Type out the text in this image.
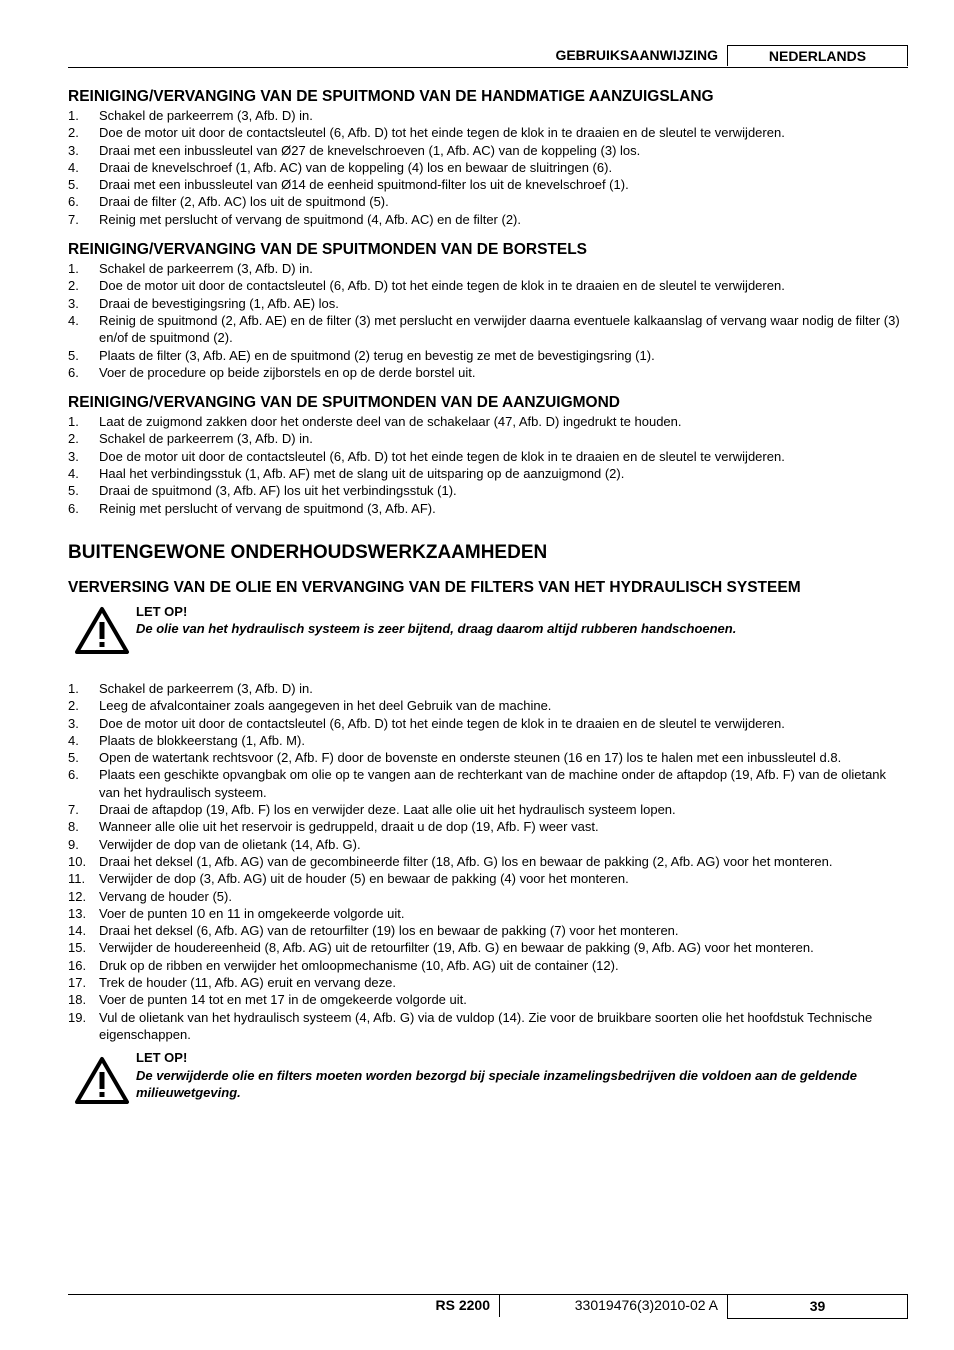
GEBRUIKSAANWIJZING	NEDERLANDS
REINIGING/VERVANGING VAN DE SPUITMOND VAN DE HANDMATIGE AANZUIGSLANG
1.	Schakel de parkeerrem (3, Afb. D) in.
2.	Doe de motor uit door de contactsleutel (6, Afb. D) tot het einde tegen de klok in te draaien en de sleutel te verwijderen.
3.	Draai met een inbussleutel van Ø27 de knevelschroeven (1, Afb. AC) van de koppeling (3) los.
4.	Draai de knevelschroef (1, Afb. AC) van de koppeling (4) los en bewaar de sluitringen (6).
5.	Draai met een inbussleutel van Ø14 de eenheid spuitmond-filter los uit de knevelschroef (1).
6.	Draai de filter (2, Afb. AC) los uit de spuitmond (5).
7.	Reinig met perslucht of vervang de spuitmond (4, Afb. AC) en de filter (2).
REINIGING/VERVANGING VAN DE SPUITMONDEN VAN DE BORSTELS
1.	Schakel de parkeerrem (3, Afb. D) in.
2.	Doe de motor uit door de contactsleutel (6, Afb. D) tot het einde tegen de klok in te draaien en de sleutel te verwijderen.
3.	Draai de bevestigingsring (1, Afb. AE) los.
4.	Reinig de spuitmond (2, Afb. AE) en de filter (3) met perslucht en verwijder daarna eventuele kalkaanslag of vervang waar nodig de filter (3) en/of de spuitmond (2).
5.	Plaats de filter (3, Afb. AE) en de spuitmond (2) terug en bevestig ze met de bevestigingsring (1).
6.	Voer de procedure op beide zijborstels en op de derde borstel uit.
REINIGING/VERVANGING VAN DE SPUITMONDEN VAN DE AANZUIGMOND
1.	Laat de zuigmond zakken door het onderste deel van de schakelaar (47, Afb. D) ingedrukt te houden.
2.	Schakel de parkeerrem (3, Afb. D) in.
3.	Doe de motor uit door de contactsleutel (6, Afb. D) tot het einde tegen de klok in te draaien en de sleutel te verwijderen.
4.	Haal het verbindingsstuk (1, Afb. AF) met de slang uit de uitsparing op de aanzuigmond (2).
5.	Draai de spuitmond (3, Afb. AF) los uit het verbindingsstuk (1).
6.	Reinig met perslucht of vervang de spuitmond (3, Afb. AF).
BUITENGEWONE ONDERHOUDSWERKZAAMHEDEN
VERVERSING VAN DE OLIE EN VERVANGING VAN DE FILTERS VAN HET HYDRAULISCH SYSTEEM
LET OP!
De olie van het hydraulisch systeem is zeer bijtend, draag daarom altijd rubberen handschoenen.
1.	Schakel de parkeerrem (3, Afb. D) in.
2.	Leeg de afvalcontainer zoals aangegeven in het deel Gebruik van de machine.
3.	Doe de motor uit door de contactsleutel (6, Afb. D) tot het einde tegen de klok in te draaien en de sleutel te verwijderen.
4.	Plaats de blokkeerstang (1, Afb. M).
5.	Open de watertank rechtsvoor (2, Afb. F) door de bovenste en onderste steunen (16 en 17) los te halen met een inbussleutel d.8.
6.	Plaats een geschikte opvangbak om olie op te vangen aan de rechterkant van de machine onder de aftapdop (19, Afb. F) van de olietank van het hydraulisch systeem.
7.	Draai de aftapdop (19, Afb. F) los en verwijder deze. Laat alle olie uit het hydraulisch systeem lopen.
8.	Wanneer alle olie uit het reservoir is gedruppeld, draait u de dop (19, Afb. F) weer vast.
9.	Verwijder de dop van de olietank (14, Afb. G).
10. Draai het deksel (1, Afb. AG) van de gecombineerde filter (18, Afb. G) los en bewaar de pakking (2, Afb. AG) voor het monteren.
11.	Verwijder de dop (3, Afb. AG) uit de houder (5) en bewaar de pakking (4) voor het monteren.
12. Vervang de houder (5).
13. Voer de punten 10 en 11 in omgekeerde volgorde uit.
14. Draai het deksel (6, Afb. AG) van de retourfilter (19) los en bewaar de pakking (7) voor het monteren.
15. Verwijder de houdereenheid (8, Afb. AG) uit de retourfilter (19, Afb. G) en bewaar de pakking (9, Afb. AG) voor het monteren.
16. Druk op de ribben en verwijder het omloopmechanisme (10, Afb. AG) uit de container (12).
17. Trek de houder (11, Afb. AG) eruit en vervang deze.
18. Voer de punten 14 tot en met 17 in de omgekeerde volgorde uit.
19. Vul de olietank van het hydraulisch systeem (4, Afb. G) via de vuldop (14). Zie voor de bruikbare soorten olie het hoofdstuk Technische eigenschappen.
LET OP!
De verwijderde olie en filters moeten worden bezorgd bij speciale inzamelingsbedrijven die voldoen aan de geldende milieuwetgeving.
RS 2200	33019476(3)2010-02 A	39
